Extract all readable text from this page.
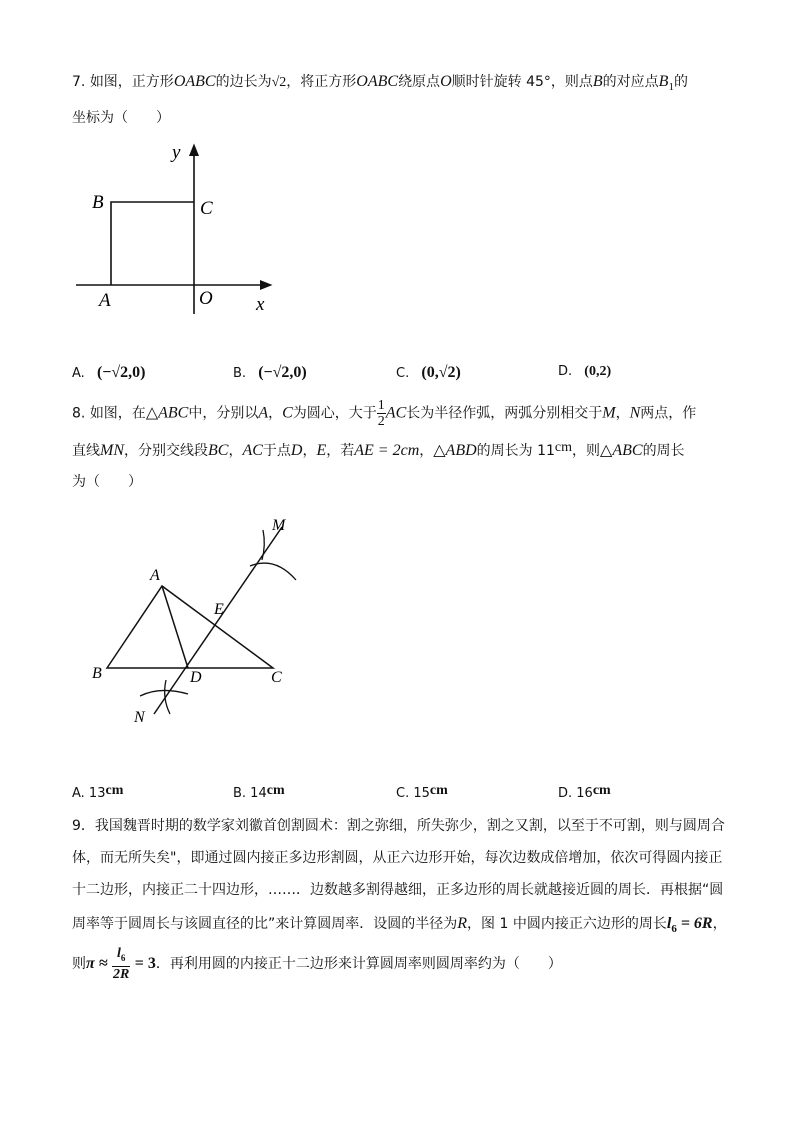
7. 如图，正方形OABC的边长为√2，将正方形OABC绕原点O顺时针旋转 45°，则点B的对应点$B_1$的
坐标为（　　）
y
x
B	C
A	O
A. (−√2,0)	B. (−√2,0)	C. (0,√2)	D. (0,2)
8. 如图，在△ABC中，分别以A，C为圆心，大于 $\frac{1}{2}$ AC长为半径作弧，两弧分别相交于M，N两点，作
直线MN，分别交线段BC，AC于点D，E，若AE = 2cm，△ABD的周长为 11cm，则△ABC的周长
为（　　）
M
A
E
B	D	C
N
A. 13cm	B. 14cm	C. 15cm	D. 16cm
9．我国魏晋时期的数学家刘徽首创割圆术：割之弥细，所失弥少，割之又割，以至于不可割，则与圆周合
体，而无所失矣"，即通过圆内接正多边形割圆，从正六边形开始，每次边数成倍增加，依次可得圆内接正
十二边形，内接正二十四边形，……．边数越多割得越细，正多边形的周长就越接近圆的周长．再根据“圆
周率等于圆周长与该圆直径的比”来计算圆周率．设圆的半径为R，图 1 中圆内接正六边形的周长$l_6 = 6R$，
则$\pi \approx \frac{l_6}{2R} = 3$．再利用圆的内接正十二边形来计算圆周率则圆周率约为（　　）
